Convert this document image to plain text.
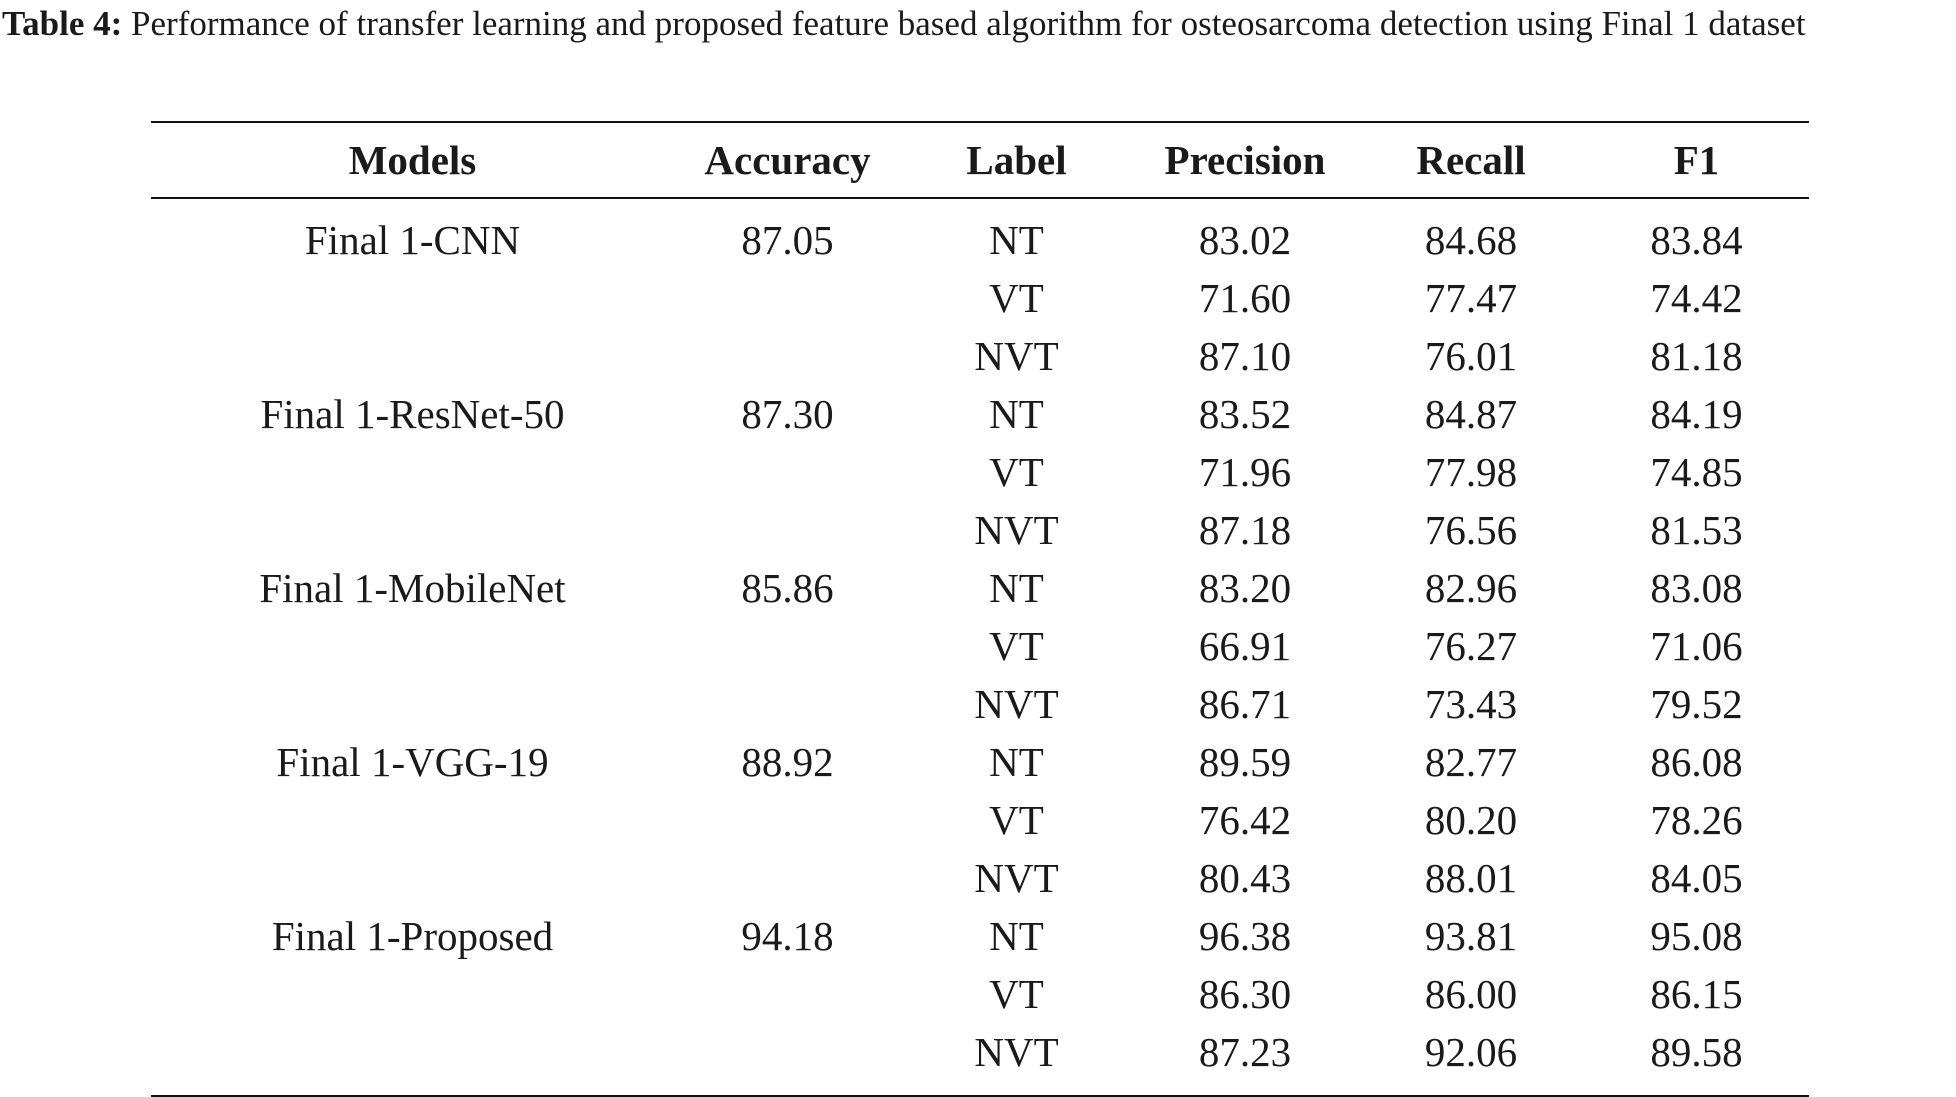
Table 4: Performance of transfer learning and proposed feature based algorithm for osteosarcoma detection using Final 1 dataset

Models	Accuracy	Label	Precision	Recall	F1
Final 1-CNN	87.05	NT	83.02	84.68	83.84
		VT	71.60	77.47	74.42
		NVT	87.10	76.01	81.18
Final 1-ResNet-50	87.30	NT	83.52	84.87	84.19
		VT	71.96	77.98	74.85
		NVT	87.18	76.56	81.53
Final 1-MobileNet	85.86	NT	83.20	82.96	83.08
		VT	66.91	76.27	71.06
		NVT	86.71	73.43	79.52
Final 1-VGG-19	88.92	NT	89.59	82.77	86.08
		VT	76.42	80.20	78.26
		NVT	80.43	88.01	84.05
Final 1-Proposed	94.18	NT	96.38	93.81	95.08
		VT	86.30	86.00	86.15
		NVT	87.23	92.06	89.58
